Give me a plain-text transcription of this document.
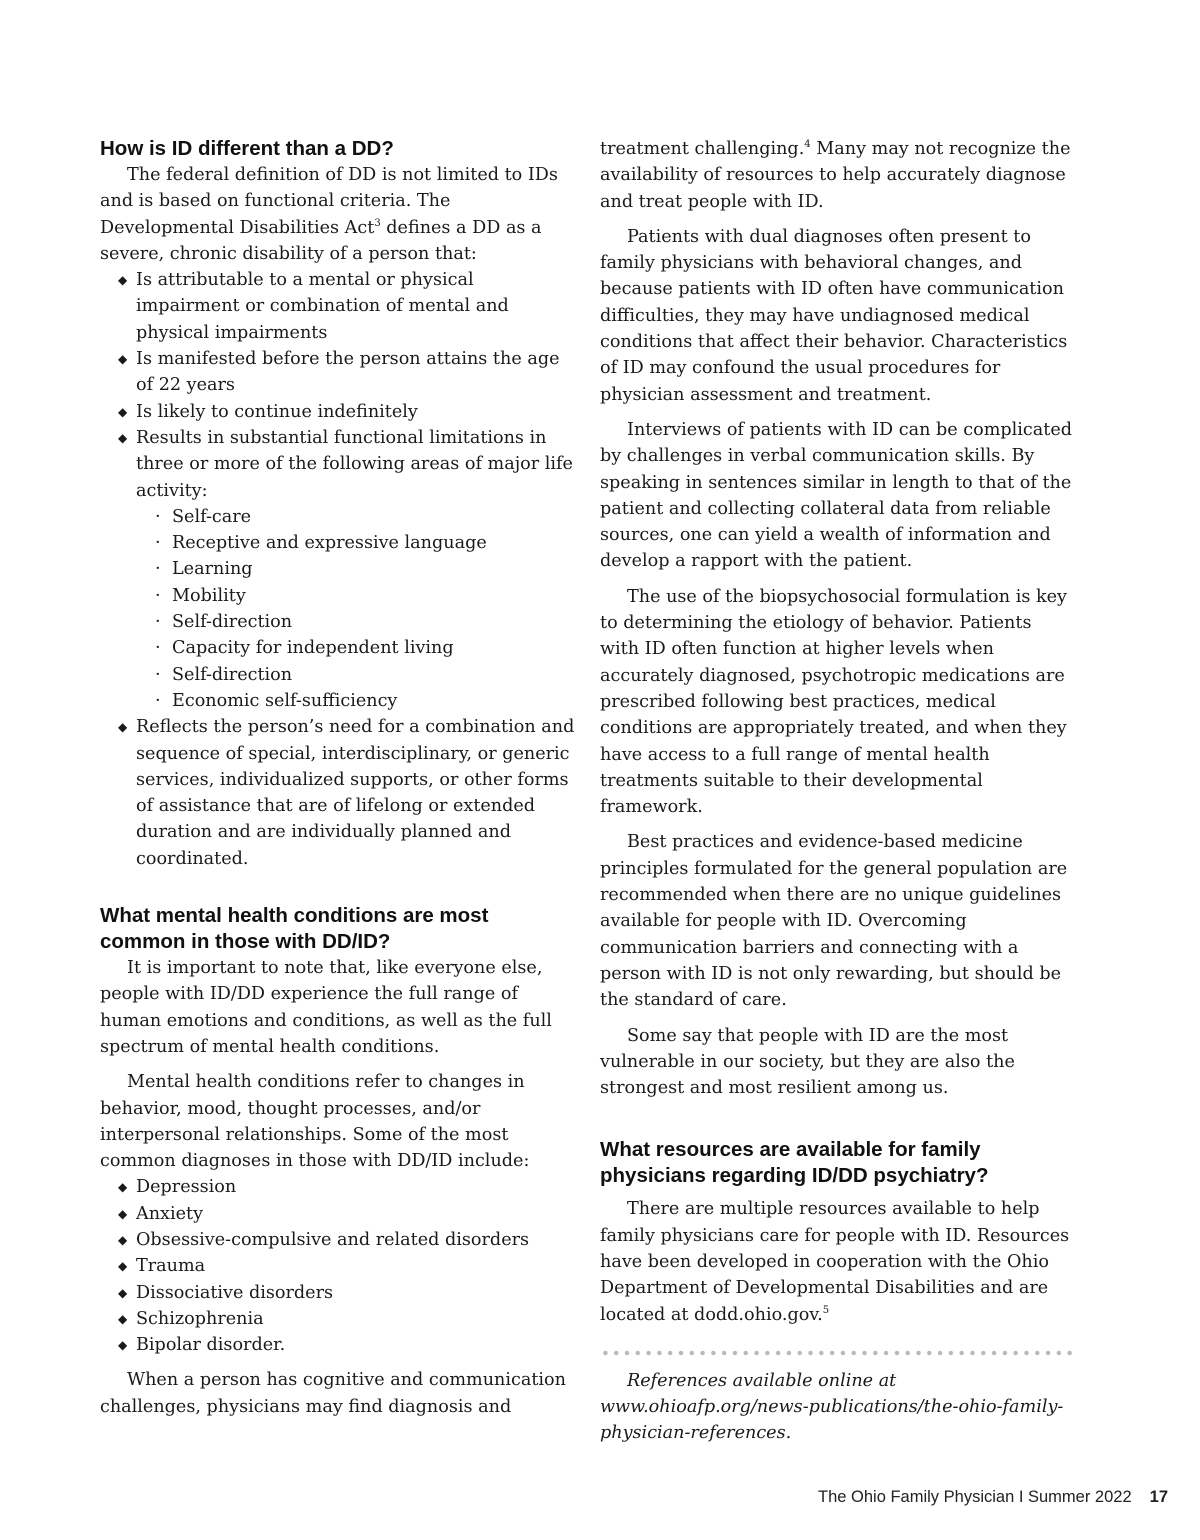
How is ID different than a DD?

The federal definition of DD is not limited to IDs and is based on functional criteria. The Developmental Disabilities Act$^3$ defines a DD as a severe, chronic disability of a person that:

◆ Is attributable to a mental or physical impairment or combination of mental and physical impairments
◆ Is manifested before the person attains the age of 22 years
◆ Is likely to continue indefinitely
◆ Results in substantial functional limitations in three or more of the following areas of major life activity:
· Self-care
· Receptive and expressive language
· Learning
· Mobility
· Self-direction
· Capacity for independent living
· Self-direction
· Economic self-sufficiency
◆ Reflects the person’s need for a combination and sequence of special, interdisciplinary, or generic services, individualized supports, or other forms of assistance that are of lifelong or extended duration and are individually planned and coordinated.
What mental health conditions are most common in those with DD/ID?

It is important to note that, like everyone else, people with ID/DD experience the full range of human emotions and conditions, as well as the full spectrum of mental health conditions.

Mental health conditions refer to changes in behavior, mood, thought processes, and/or interpersonal relationships. Some of the most common diagnoses in those with DD/ID include:

◆ Depression
◆ Anxiety
◆ Obsessive-compulsive and related disorders
◆ Trauma
◆ Dissociative disorders
◆ Schizophrenia
◆ Bipolar disorder.

When a person has cognitive and communication challenges, physicians may find diagnosis and

treatment challenging.$^4$ Many may not recognize the availability of resources to help accurately diagnose and treat people with ID.

Patients with dual diagnoses often present to family physicians with behavioral changes, and because patients with ID often have communication difficulties, they may have undiagnosed medical conditions that affect their behavior. Characteristics of ID may confound the usual procedures for physician assessment and treatment.

Interviews of patients with ID can be complicated by challenges in verbal communication skills. By speaking in sentences similar in length to that of the patient and collecting collateral data from reliable sources, one can yield a wealth of information and develop a rapport with the patient.

The use of the biopsychosocial formulation is key to determining the etiology of behavior. Patients with ID often function at higher levels when accurately diagnosed, psychotropic medications are prescribed following best practices, medical conditions are appropriately treated, and when they have access to a full range of mental health treatments suitable to their developmental framework.

Best practices and evidence-based medicine principles formulated for the general population are recommended when there are no unique guidelines available for people with ID. Overcoming communication barriers and connecting with a person with ID is not only rewarding, but should be the standard of care.

Some say that people with ID are the most vulnerable in our society, but they are also the strongest and most resilient among us.

What resources are available for family physicians regarding ID/DD psychiatry?

There are multiple resources available to help family physicians care for people with ID. Resources have been developed in cooperation with the Ohio Department of Developmental Disabilities and are located at dodd.ohio.gov.$^5$

References available online at www.ohioafp.org/news-publications/the-ohio-family-physician-references.

The Ohio Family Physician I Summer 2022 17
